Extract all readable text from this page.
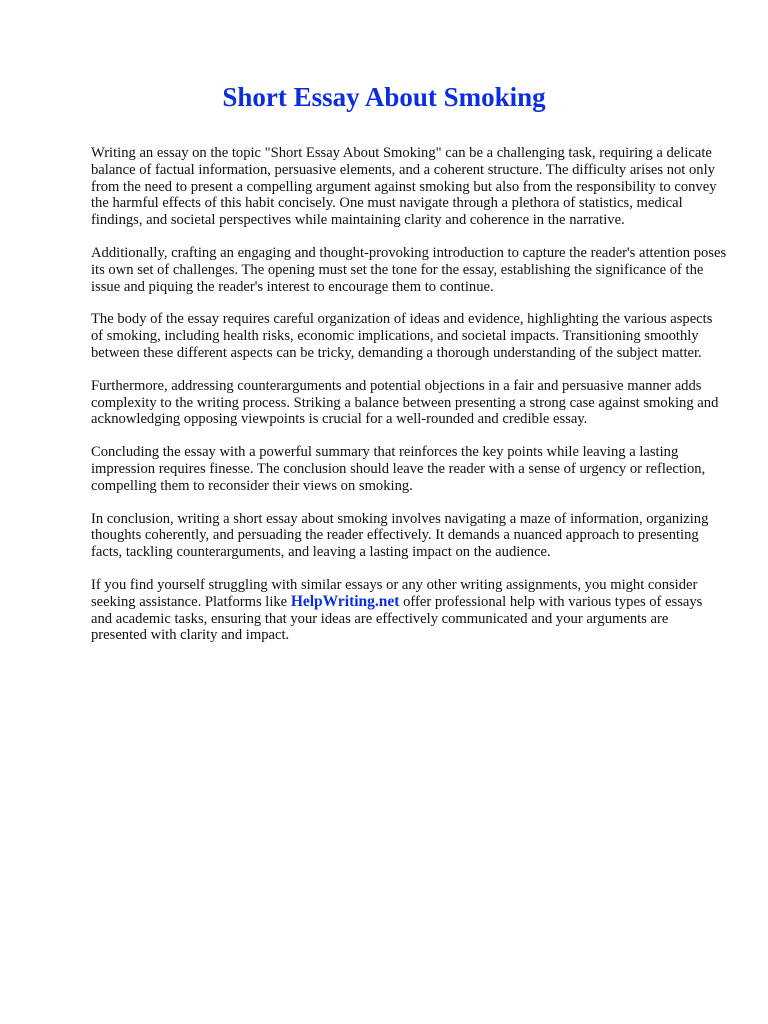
Short Essay About Smoking

Writing an essay on the topic "Short Essay About Smoking" can be a challenging task, requiring a delicate balance of factual information, persuasive elements, and a coherent structure. The difficulty arises not only from the need to present a compelling argument against smoking but also from the responsibility to convey the harmful effects of this habit concisely. One must navigate through a plethora of statistics, medical findings, and societal perspectives while maintaining clarity and coherence in the narrative.

Additionally, crafting an engaging and thought-provoking introduction to capture the reader's attention poses its own set of challenges. The opening must set the tone for the essay, establishing the significance of the issue and piquing the reader's interest to encourage them to continue.

The body of the essay requires careful organization of ideas and evidence, highlighting the various aspects of smoking, including health risks, economic implications, and societal impacts. Transitioning smoothly between these different aspects can be tricky, demanding a thorough understanding of the subject matter.

Furthermore, addressing counterarguments and potential objections in a fair and persuasive manner adds complexity to the writing process. Striking a balance between presenting a strong case against smoking and acknowledging opposing viewpoints is crucial for a well-rounded and credible essay.

Concluding the essay with a powerful summary that reinforces the key points while leaving a lasting impression requires finesse. The conclusion should leave the reader with a sense of urgency or reflection, compelling them to reconsider their views on smoking.

In conclusion, writing a short essay about smoking involves navigating a maze of information, organizing thoughts coherently, and persuading the reader effectively. It demands a nuanced approach to presenting facts, tackling counterarguments, and leaving a lasting impact on the audience.

If you find yourself struggling with similar essays or any other writing assignments, you might consider seeking assistance. Platforms like HelpWriting.net offer professional help with various types of essays and academic tasks, ensuring that your ideas are effectively communicated and your arguments are presented with clarity and impact.
